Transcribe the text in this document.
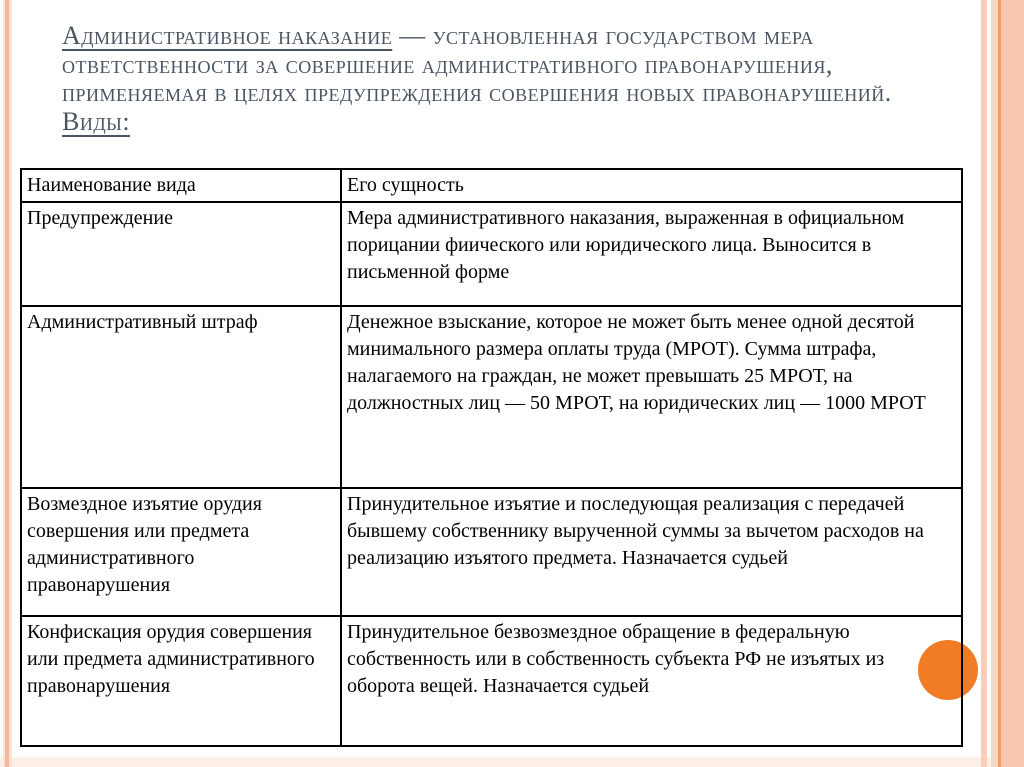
Административное наказание — установленная государством мера ответственности за совершение административного правонарушения, применяемая в целях предупреждения совершения новых правонарушений. Виды:
Наименование вида	Его сущность
Предупреждение	Мера административного наказания, выраженная в официальном порицании фиического или юридического лица. Выносится в письменной форме
Административный штраф	Денежное взыскание, которое не может быть менее одной десятой минимального размера оплаты труда (МРОТ). Сумма штрафа, налагаемого на граждан, не может превышать 25 МРОТ, на должностных лиц — 50 МРОТ, на юридических лиц — 1000 МРОТ
Возмездное изъятие орудия совершения или предмета административного правонарушения	Принудительное изъятие и последующая реализация с передачей бывшему собственнику вырученной суммы за вычетом расходов на реализацию изъятого предмета. Назначается судьей
Конфискация орудия совершения или предмета административного правонарушения	Принудительное безвозмездное обращение в федеральную собственность или в собственность субъекта РФ не изъятых из оборота вещей. Назначается судьей
